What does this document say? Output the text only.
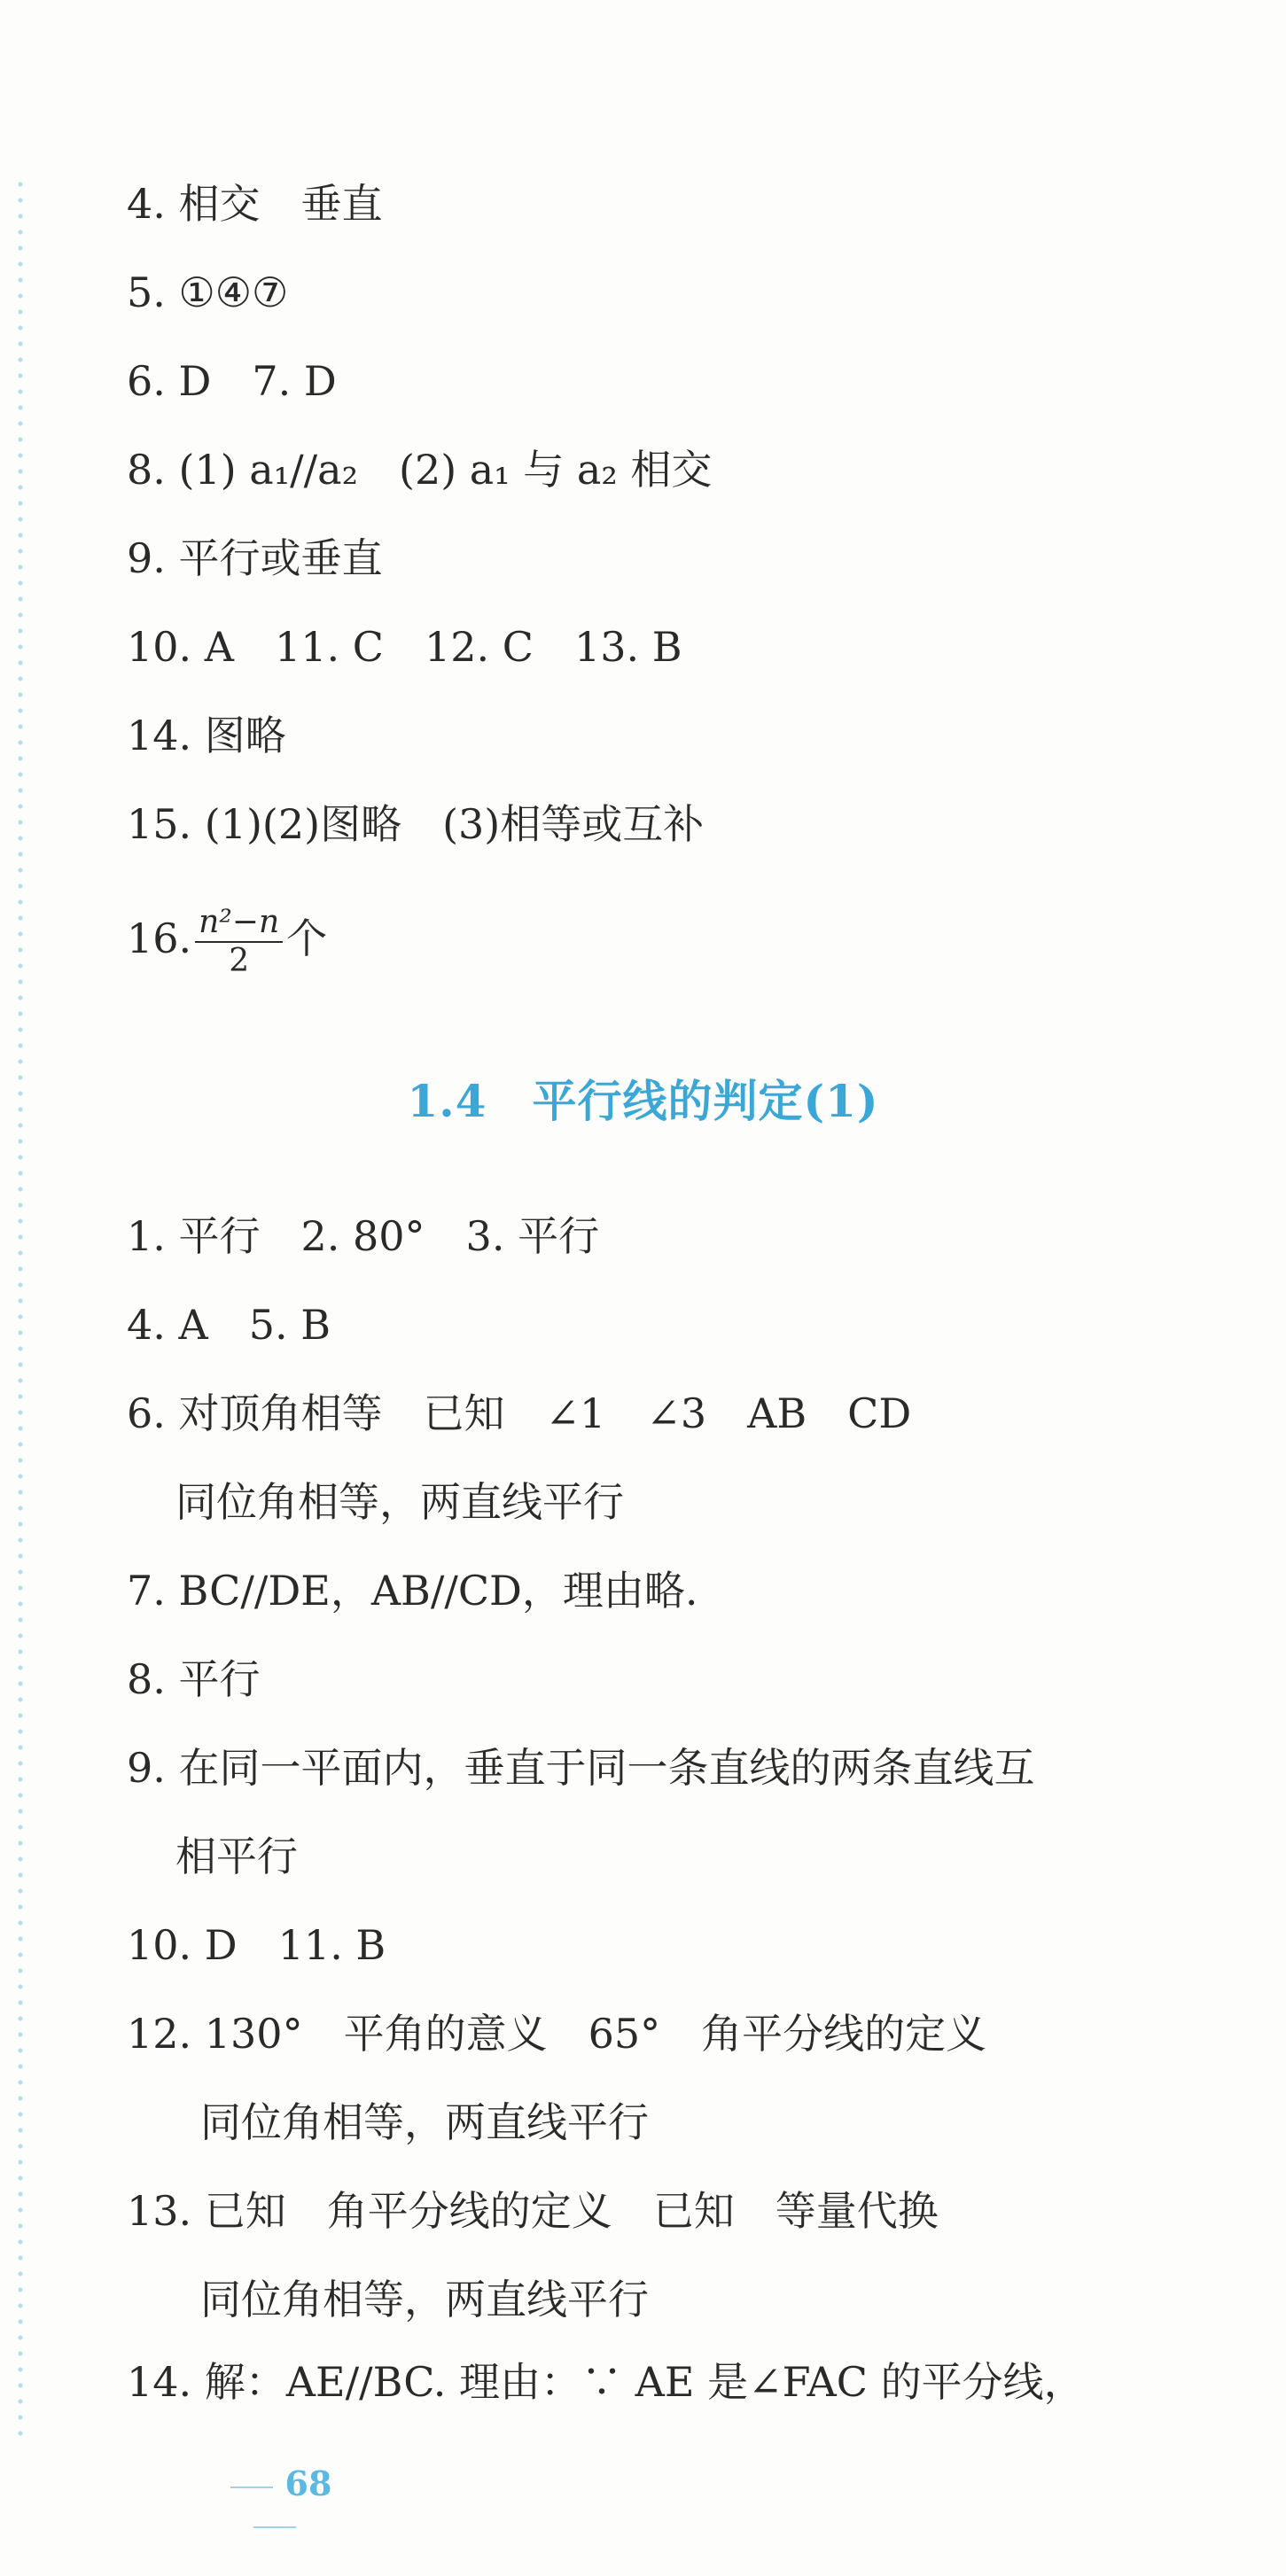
4. 相交　垂直
5. ①④⑦
6. D　7. D
8. (1) a₁//a₂　(2) a₁ 与 a₂ 相交
9. 平行或垂直
10. A　11. C　12. C　13. B
14. 图略
15. (1)(2)图略　(3)相等或互补
16. $\frac{\text{n²−n}}{2}$ 个
1.4　平行线的判定(1)
1. 平行　2. 80°　3. 平行
4. A　5. B
6. 对顶角相等　已知　∠1　∠3　AB　CD
同位角相等，两直线平行
7. BC//DE，AB//CD，理由略.
8. 平行
9. 在同一平面内，垂直于同一条直线的两条直线互
相平行
10. D　11. B
12. 130°　平角的意义　65°　角平分线的定义
同位角相等，两直线平行
13. 已知　角平分线的定义　已知　等量代换
同位角相等，两直线平行
14. 解：AE//BC. 理由：∵ AE 是∠FAC 的平分线，
68
